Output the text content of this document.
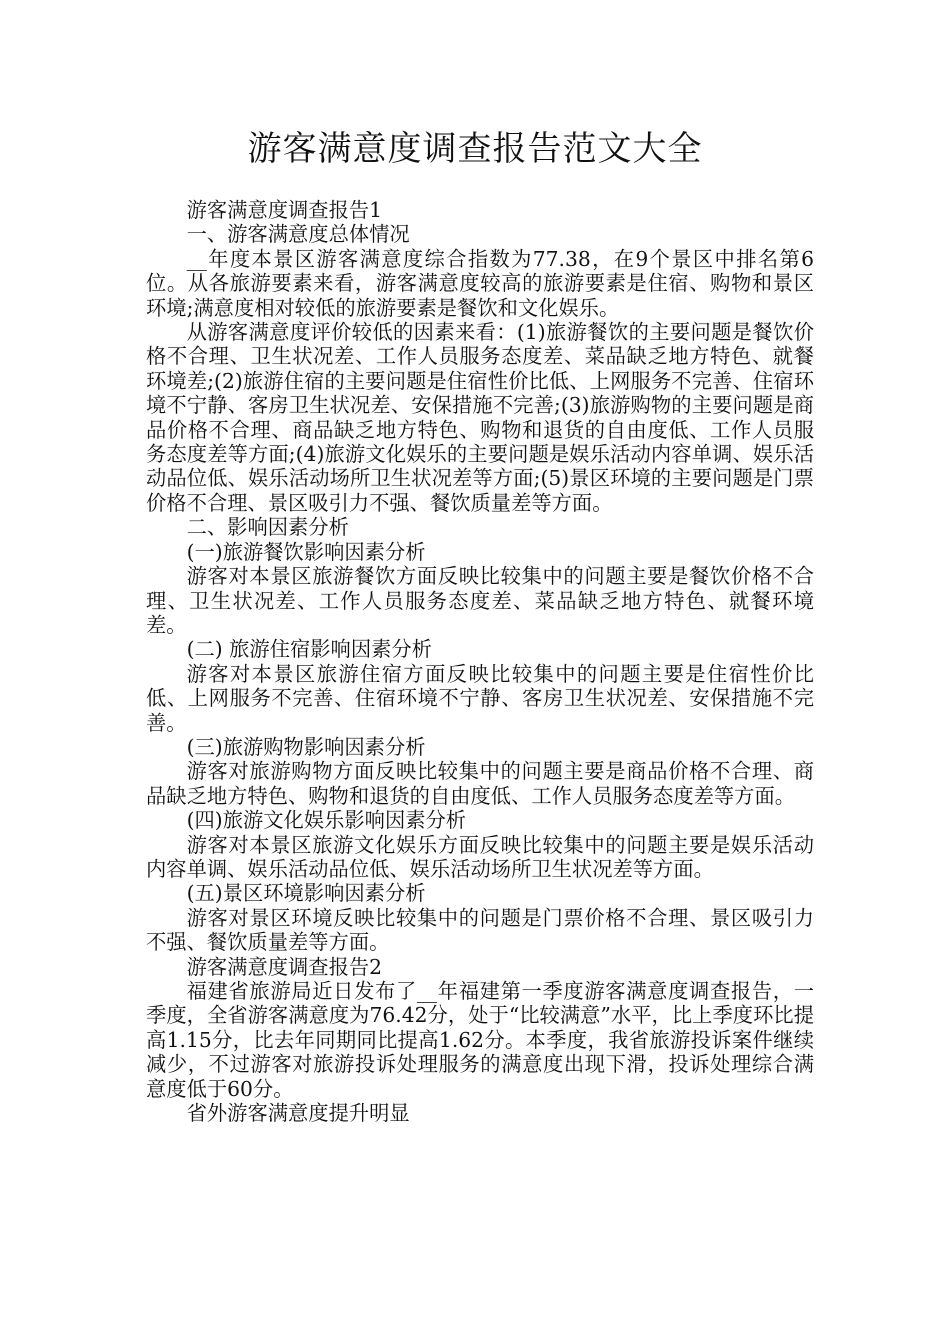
游客满意度调查报告范文大全

游客满意度调查报告1

一、游客满意度总体情况

__年度本景区游客满意度综合指数为77.38，在9个景区中排名第6位。从各旅游要素来看，游客满意度较高的旅游要素是住宿、购物和景区环境;满意度相对较低的旅游要素是餐饮和文化娱乐。

从游客满意度评价较低的因素来看：(1)旅游餐饮的主要问题是餐饮价格不合理、卫生状况差、工作人员服务态度差、菜品缺乏地方特色、就餐环境差;(2)旅游住宿的主要问题是住宿性价比低、上网服务不完善、住宿环境不宁静、客房卫生状况差、安保措施不完善;(3)旅游购物的主要问题是商品价格不合理、商品缺乏地方特色、购物和退货的自由度低、工作人员服务态度差等方面;(4)旅游文化娱乐的主要问题是娱乐活动内容单调、娱乐活动品位低、娱乐活动场所卫生状况差等方面;(5)景区环境的主要问题是门票价格不合理、景区吸引力不强、餐饮质量差等方面。

二、影响因素分析

(一)旅游餐饮影响因素分析

游客对本景区旅游餐饮方面反映比较集中的问题主要是餐饮价格不合理、卫生状况差、工作人员服务态度差、菜品缺乏地方特色、就餐环境差。

(二) 旅游住宿影响因素分析

游客对本景区旅游住宿方面反映比较集中的问题主要是住宿性价比低、上网服务不完善、住宿环境不宁静、客房卫生状况差、安保措施不完善。

(三)旅游购物影响因素分析

游客对旅游购物方面反映比较集中的问题主要是商品价格不合理、商品缺乏地方特色、购物和退货的自由度低、工作人员服务态度差等方面。

(四)旅游文化娱乐影响因素分析

游客对本景区旅游文化娱乐方面反映比较集中的问题主要是娱乐活动内容单调、娱乐活动品位低、娱乐活动场所卫生状况差等方面。

(五)景区环境影响因素分析

游客对景区环境反映比较集中的问题是门票价格不合理、景区吸引力不强、餐饮质量差等方面。

游客满意度调查报告2

福建省旅游局近日发布了__年福建第一季度游客满意度调查报告，一季度，全省游客满意度为76.42分，处于“比较满意”水平，比上季度环比提高1.15分，比去年同期同比提高1.62分。本季度，我省旅游投诉案件继续减少，不过游客对旅游投诉处理服务的满意度出现下滑，投诉处理综合满意度低于60分。

省外游客满意度提升明显
